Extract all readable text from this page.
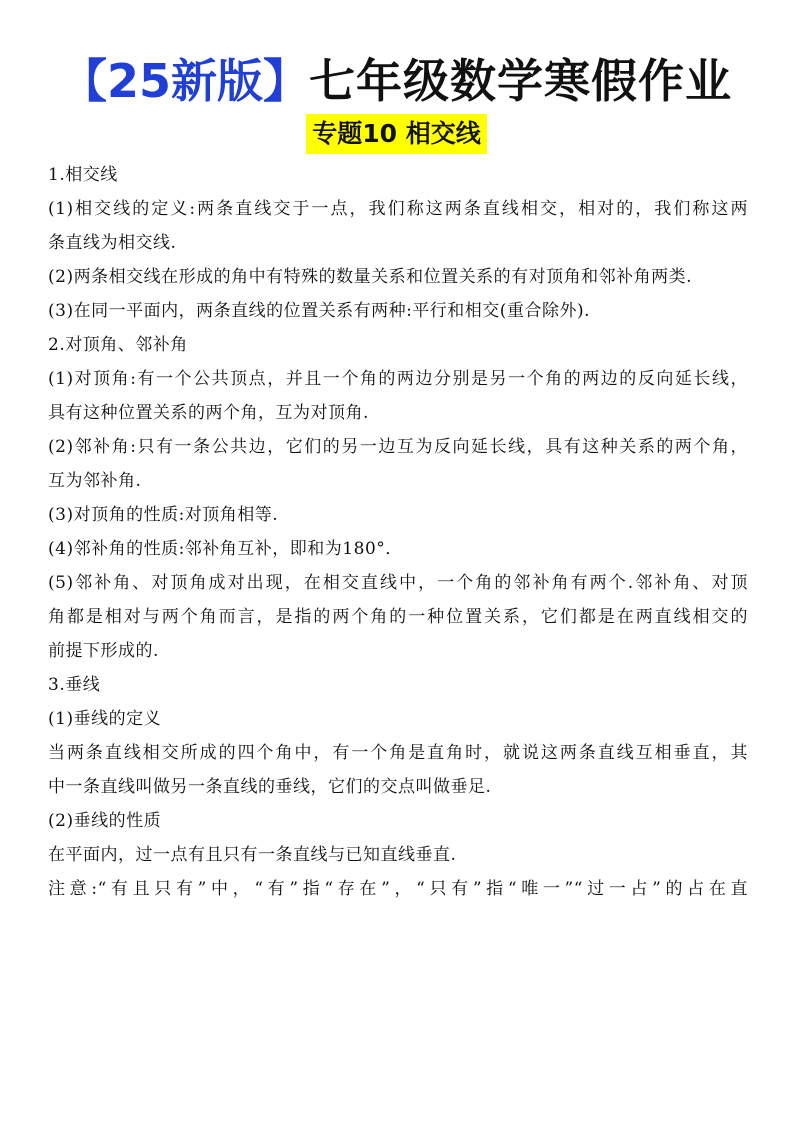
【25新版】七年级数学寒假作业
专题10 相交线
1.相交线
(1)相交线的定义:两条直线交于一点，我们称这两条直线相交，相对的，我们称这两
条直线为相交线.
(2)两条相交线在形成的角中有特殊的数量关系和位置关系的有对顶角和邻补角两类.
(3)在同一平面内，两条直线的位置关系有两种:平行和相交(重合除外).
2.对顶角、邻补角
(1)对顶角:有一个公共顶点，并且一个角的两边分别是另一个角的两边的反向延长线，
具有这种位置关系的两个角，互为对顶角.
(2)邻补角:只有一条公共边，它们的另一边互为反向延长线，具有这种关系的两个角，
互为邻补角.
(3)对顶角的性质:对顶角相等.
(4)邻补角的性质:邻补角互补，即和为180°．
(5)邻补角、对顶角成对出现，在相交直线中，一个角的邻补角有两个.邻补角、对顶
角都是相对与两个角而言，是指的两个角的一种位置关系，它们都是在两直线相交的
前提下形成的.
3.垂线
(1)垂线的定义
当两条直线相交所成的四个角中，有一个角是直角时，就说这两条直线互相垂直，其
中一条直线叫做另一条直线的垂线，它们的交点叫做垂足.
(2)垂线的性质
在平面内，过一点有且只有一条直线与已知直线垂直.
注意:“有且只有”中，“有”指“存在”，“只有”指“唯一”“过一占”的占在直
